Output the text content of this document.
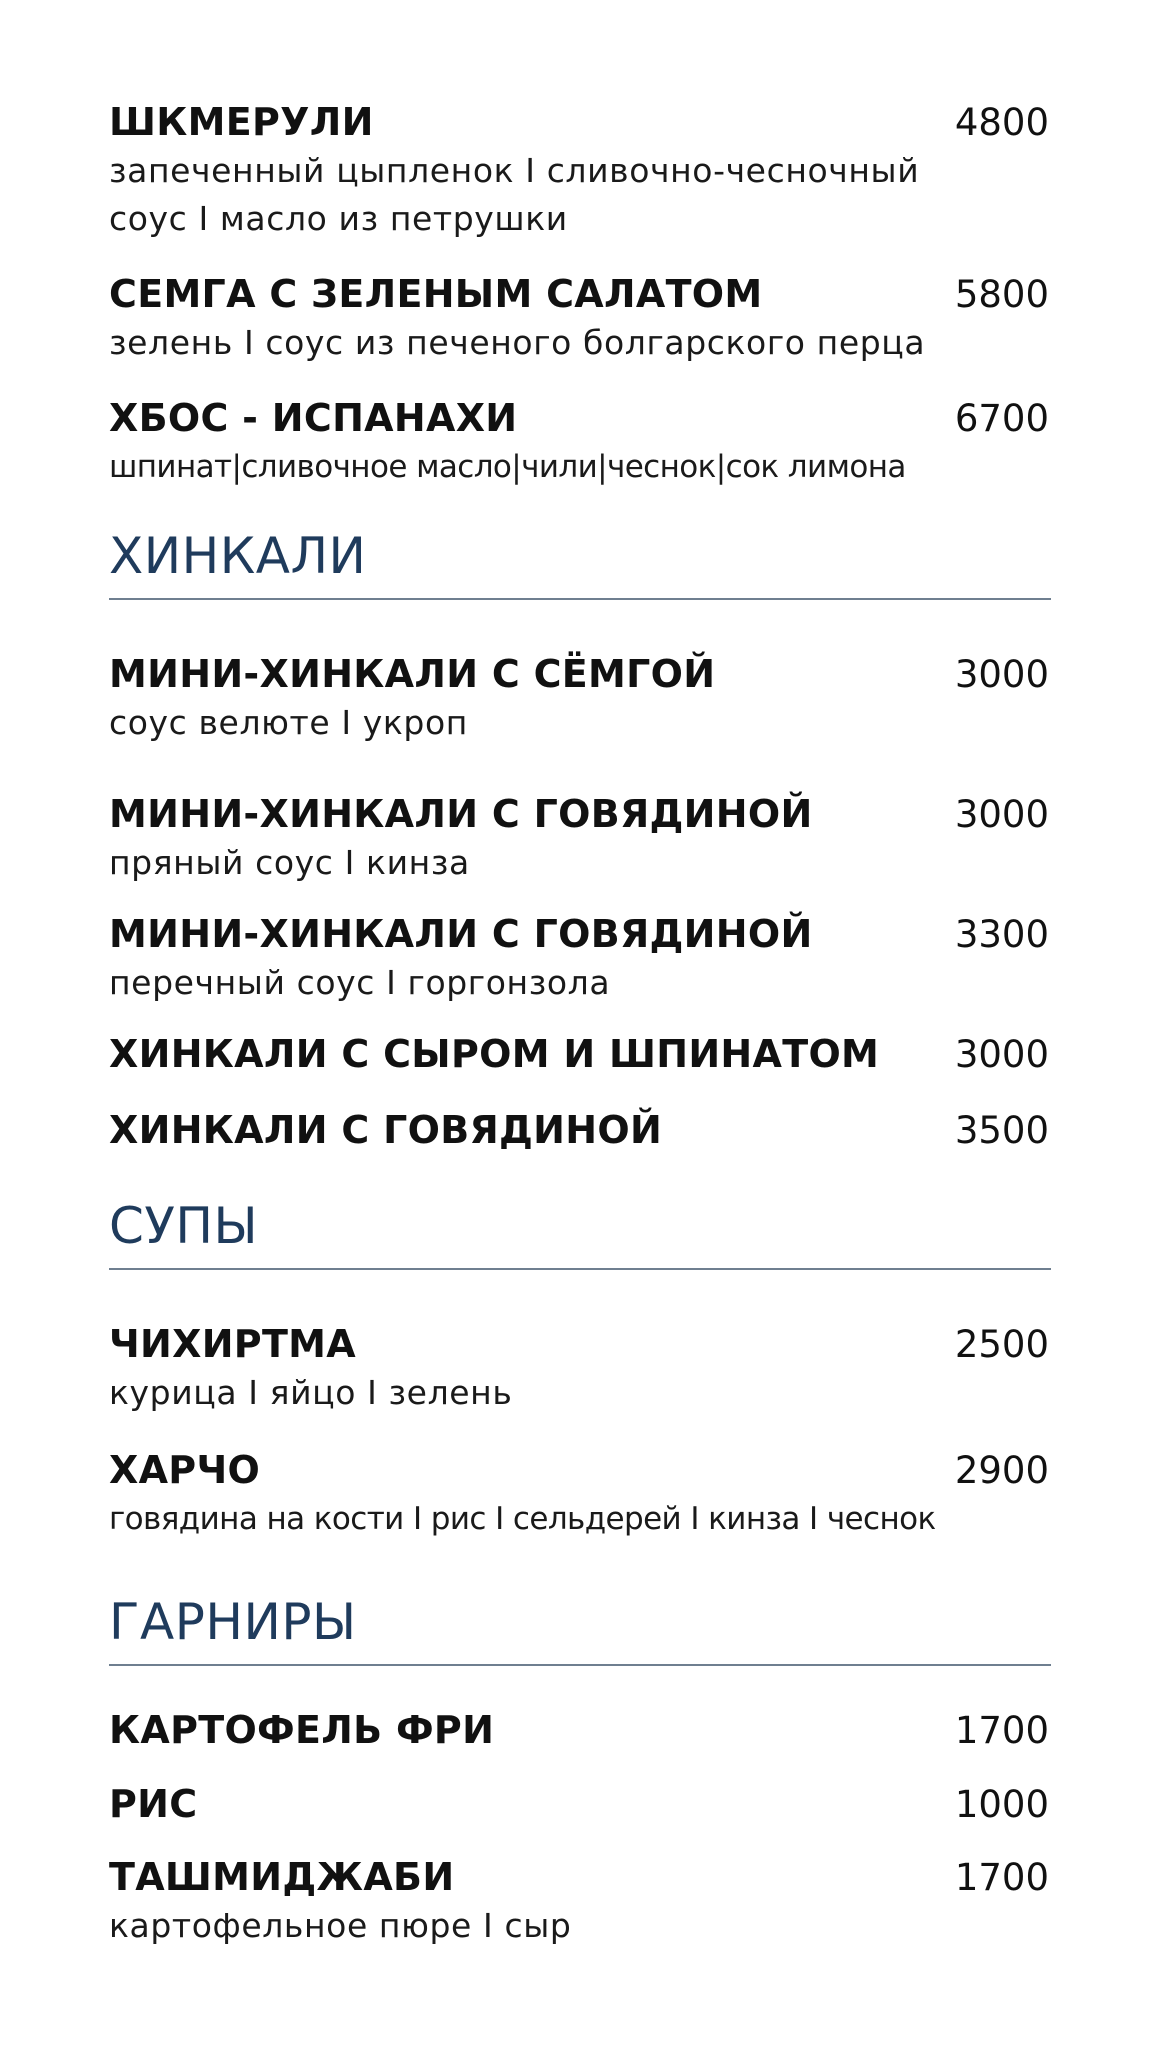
ШКМЕРУЛИ	4800
запеченный цыпленок I сливочно-чесночный
соус I масло из петрушки
СЕМГА С ЗЕЛЕНЫМ САЛАТОМ	5800
зелень I соус из печеного болгарского перца
ХБОС - ИСПАНАХИ	6700
шпинат|сливочное масло|чили|чеснок|сок лимона
ХИНКАЛИ
МИНИ-ХИНКАЛИ С СЁМГОЙ	3000
соус велюте I укроп
МИНИ-ХИНКАЛИ С ГОВЯДИНОЙ	3000
пряный соус I кинза
МИНИ-ХИНКАЛИ С ГОВЯДИНОЙ	3300
перечный соус I горгонзола
ХИНКАЛИ С СЫРОМ И ШПИНАТОМ 3000
ХИНКАЛИ С ГОВЯДИНОЙ	3500
СУПЫ
ЧИХИРТМА	2500
курица I яйцо I зелень
ХАРЧО	2900
говядина на кости I рис I сельдерей I кинза I чеснок
ГАРНИРЫ
КАРТОФЕЛЬ ФРИ	1700
РИС	1000
ТАШМИДЖАБИ	1700
картофельное пюре I сыр
